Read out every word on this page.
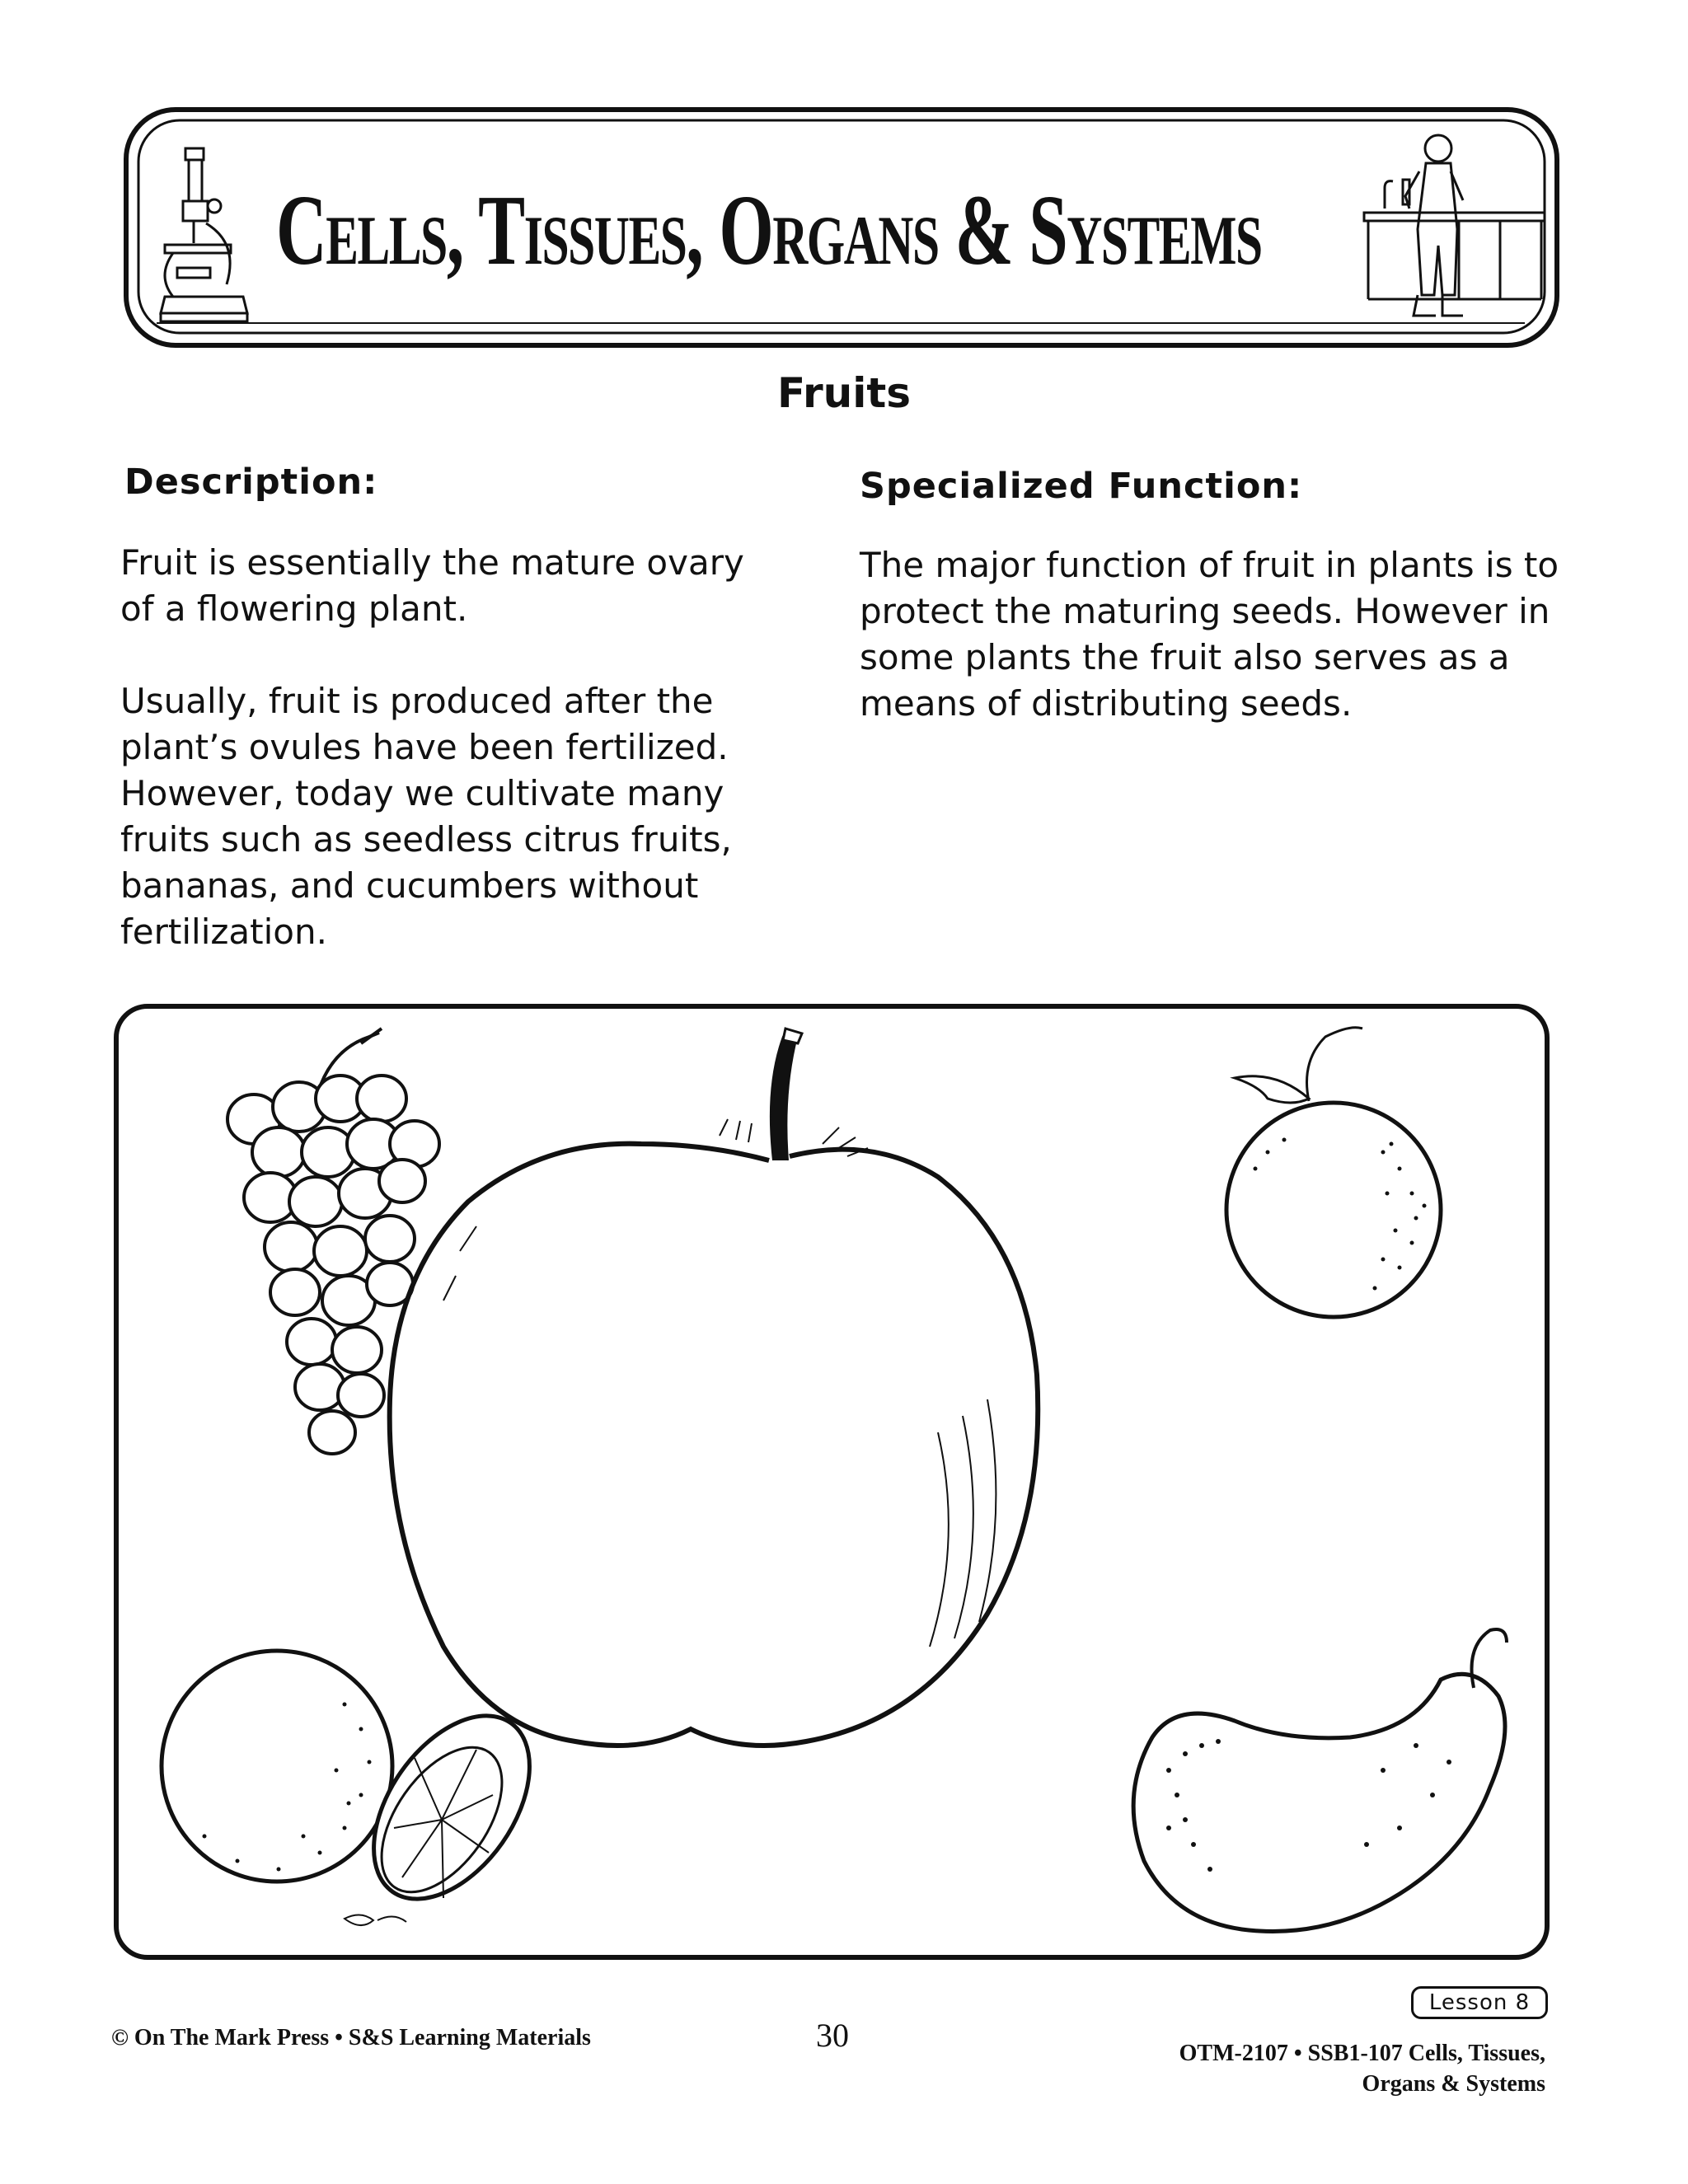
Cells, Tissues, Organs & Systems
Fruits
Description:	Specialized Function:
Fruit is essentially the mature ovary of a flowering plant.
Usually, fruit is produced after the plant’s ovules have been fertilized. However, today we cultivate many fruits such as seedless citrus fruits, bananas, and cucumbers without fertilization.
The major function of fruit in plants is to protect the maturing seeds. However in some plants the fruit also serves as a means of distributing seeds.
© On The Mark Press • S&S Learning Materials	30
Lesson 8
OTM-2107 • SSB1-107 Cells, Tissues,
Organs & Systems
